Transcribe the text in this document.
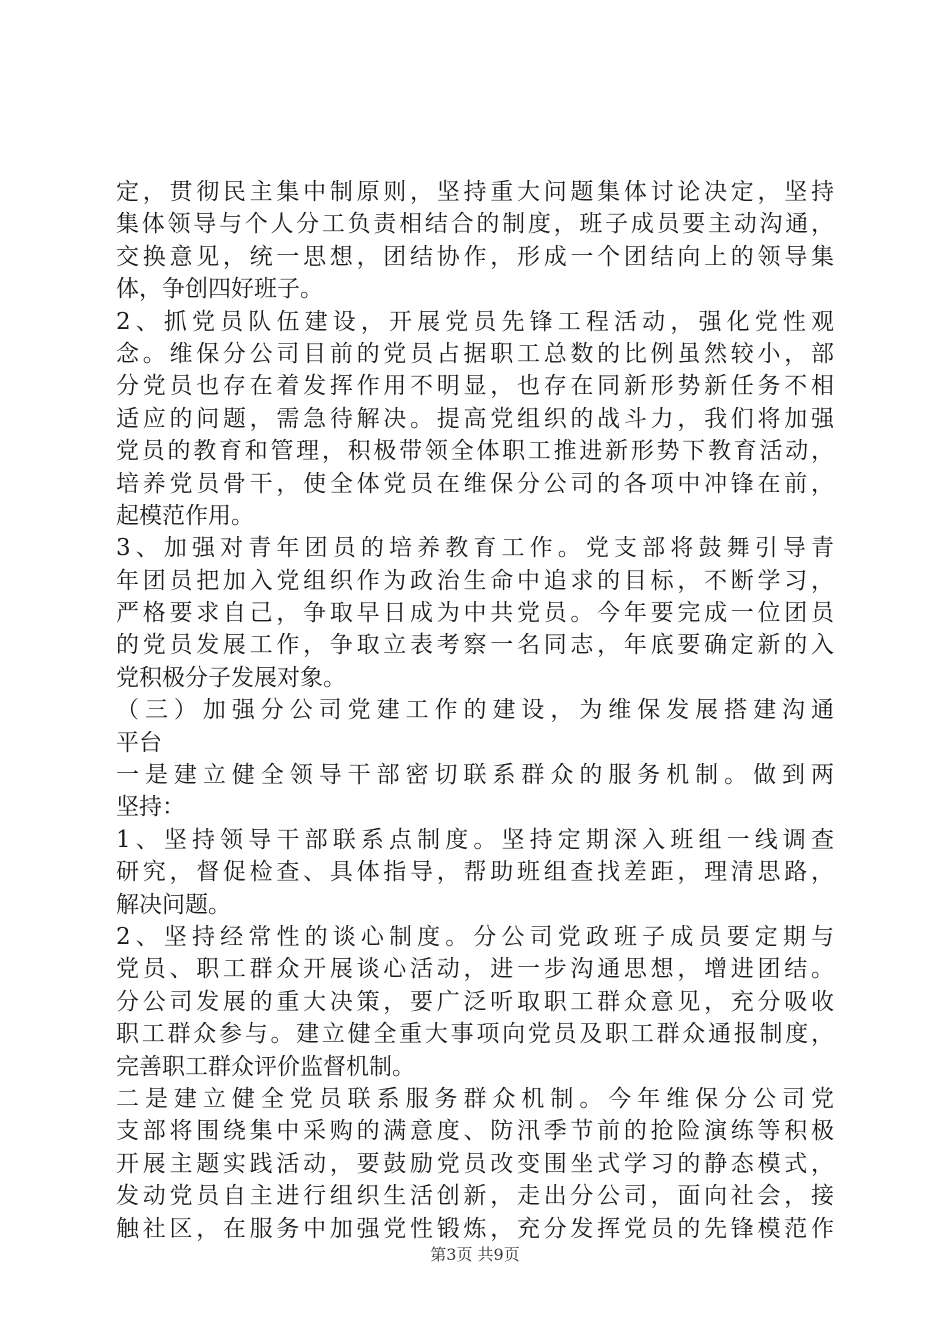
定，贯彻民主集中制原则，坚持重大问题集体讨论决定，坚持
集体领导与个人分工负责相结合的制度，班子成员要主动沟通，
交换意见，统一思想，团结协作，形成一个团结向上的领导集
体，争创四好班子。
2、抓党员队伍建设，开展党员先锋工程活动，强化党性观
念。维保分公司目前的党员占据职工总数的比例虽然较小，部
分党员也存在着发挥作用不明显，也存在同新形势新任务不相
适应的问题，需急待解决。提高党组织的战斗力，我们将加强
党员的教育和管理，积极带领全体职工推进新形势下教育活动，
培养党员骨干，使全体党员在维保分公司的各项中冲锋在前，
起模范作用。
3、加强对青年团员的培养教育工作。党支部将鼓舞引导青
年团员把加入党组织作为政治生命中追求的目标，不断学习，
严格要求自己，争取早日成为中共党员。今年要完成一位团员
的党员发展工作，争取立表考察一名同志，年底要确定新的入
党积极分子发展对象。
（三）加强分公司党建工作的建设，为维保发展搭建沟通
平台
一是建立健全领导干部密切联系群众的服务机制。做到两
坚持：
1、坚持领导干部联系点制度。坚持定期深入班组一线调查
研究，督促检查、具体指导，帮助班组查找差距，理清思路，
解决问题。
2、坚持经常性的谈心制度。分公司党政班子成员要定期与
党员、职工群众开展谈心活动，进一步沟通思想，增进团结。
分公司发展的重大决策，要广泛听取职工群众意见，充分吸收
职工群众参与。建立健全重大事项向党员及职工群众通报制度，
完善职工群众评价监督机制。
二是建立健全党员联系服务群众机制。今年维保分公司党
支部将围绕集中采购的满意度、防汛季节前的抢险演练等积极
开展主题实践活动，要鼓励党员改变围坐式学习的静态模式，
发动党员自主进行组织生活创新，走出分公司，面向社会，接
触社区，在服务中加强党性锻炼，充分发挥党员的先锋模范作
第3页 共9页
